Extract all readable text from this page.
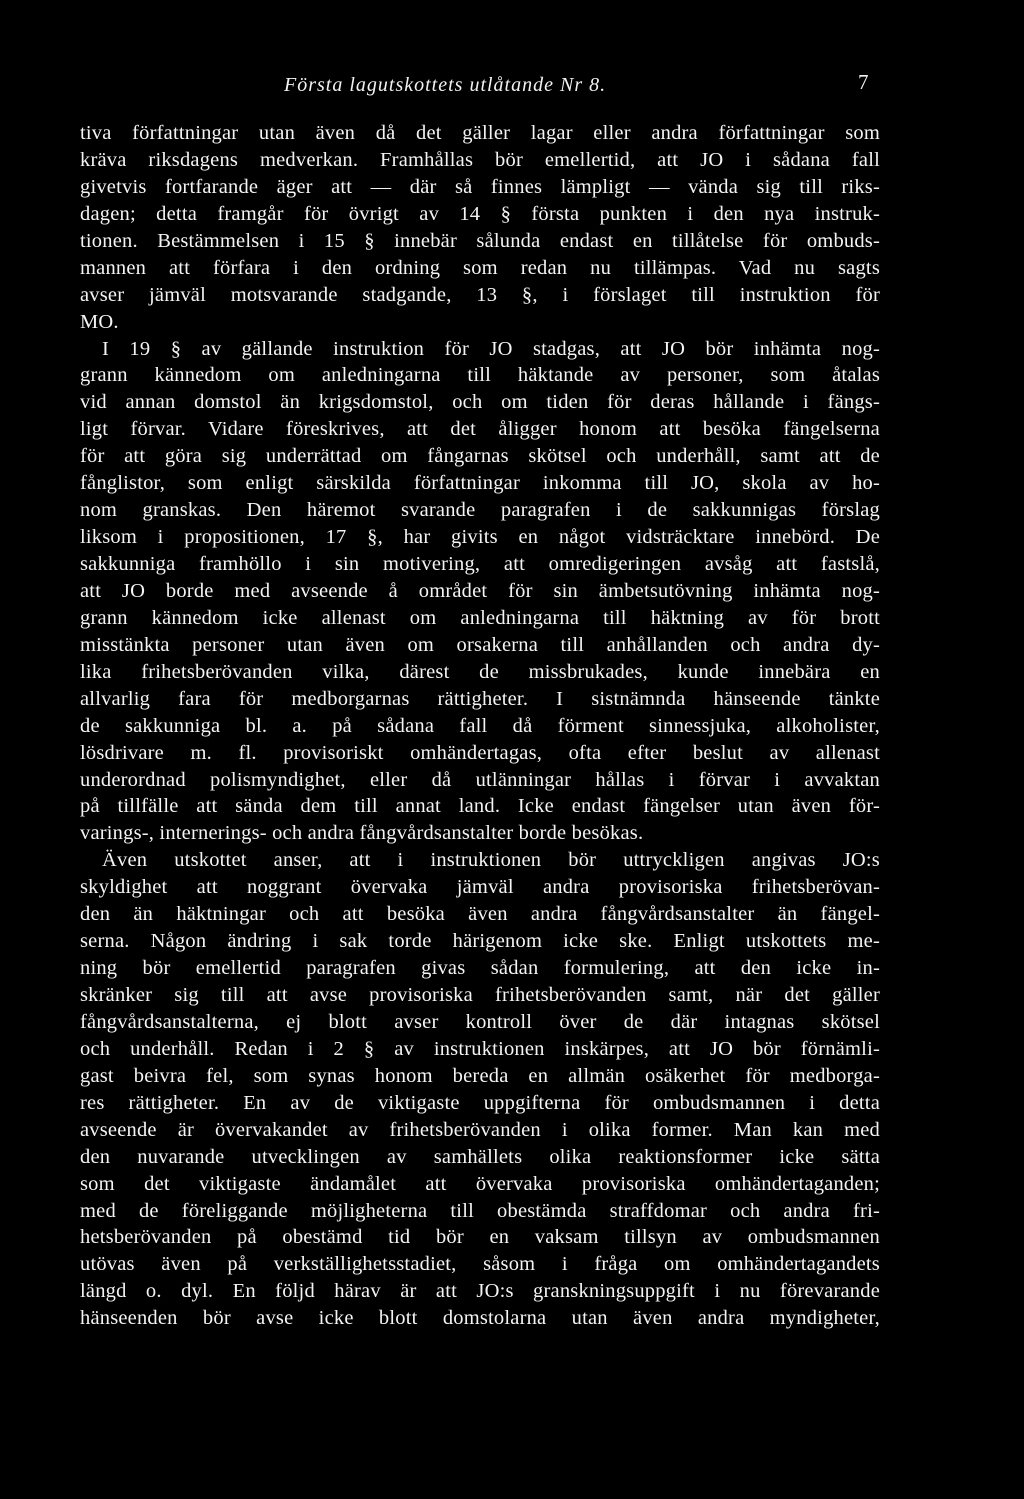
Första lagutskottets utlåtande Nr 8.	7
tiva författningar utan även då det gäller lagar eller andra författningar som
kräva riksdagens medverkan. Framhållas bör emellertid, att JO i sådana fall
givetvis fortfarande äger att — där så finnes lämpligt — vända sig till riks-
dagen; detta framgår för övrigt av 14 § första punkten i den nya instruk-
tionen. Bestämmelsen i 15 § innebär sålunda endast en tillåtelse för ombuds-
mannen att förfara i den ordning som redan nu tillämpas. Vad nu sagts
avser jämväl motsvarande stadgande, 13 §, i förslaget till instruktion för
MO.
I 19 § av gällande instruktion för JO stadgas, att JO bör inhämta nog-
grann kännedom om anledningarna till häktande av personer, som åtalas
vid annan domstol än krigsdomstol, och om tiden för deras hållande i fängs-
ligt förvar. Vidare föreskrives, att det åligger honom att besöka fängelserna
för att göra sig underrättad om fångarnas skötsel och underhåll, samt att de
fånglistor, som enligt särskilda författningar inkomma till JO, skola av ho-
nom granskas. Den häremot svarande paragrafen i de sakkunnigas förslag
liksom i propositionen, 17 §, har givits en något vidsträcktare innebörd. De
sakkunniga framhöllo i sin motivering, att omredigeringen avsåg att fastslå,
att JO borde med avseende å området för sin ämbetsutövning inhämta nog-
grann kännedom icke allenast om anledningarna till häktning av för brott
misstänkta personer utan även om orsakerna till anhållanden och andra dy-
lika frihetsberövanden vilka, därest de missbrukades, kunde innebära en
allvarlig fara för medborgarnas rättigheter. I sistnämnda hänseende tänkte
de sakkunniga bl. a. på sådana fall då förment sinnessjuka, alkoholister,
lösdrivare m. fl. provisoriskt omhändertagas, ofta efter beslut av allenast
underordnad polismyndighet, eller då utlänningar hållas i förvar i avvaktan
på tillfälle att sända dem till annat land. Icke endast fängelser utan även för-
varings-, internerings- och andra fångvårdsanstalter borde besökas.
Även utskottet anser, att i instruktionen bör uttryckligen angivas JO:s
skyldighet att noggrant övervaka jämväl andra provisoriska frihetsberövan-
den än häktningar och att besöka även andra fångvårdsanstalter än fängel-
serna. Någon ändring i sak torde härigenom icke ske. Enligt utskottets me-
ning bör emellertid paragrafen givas sådan formulering, att den icke in-
skränker sig till att avse provisoriska frihetsberövanden samt, när det gäller
fångvårdsanstalterna, ej blott avser kontroll över de där intagnas skötsel
och underhåll. Redan i 2 § av instruktionen inskärpes, att JO bör förnämli-
gast beivra fel, som synas honom bereda en allmän osäkerhet för medborga-
res rättigheter. En av de viktigaste uppgifterna för ombudsmannen i detta
avseende är övervakandet av frihetsberövanden i olika former. Man kan med
den nuvarande utvecklingen av samhällets olika reaktionsformer icke sätta
som det viktigaste ändamålet att övervaka provisoriska omhändertaganden;
med de föreliggande möjligheterna till obestämda straffdomar och andra fri-
hetsberövanden på obestämd tid bör en vaksam tillsyn av ombudsmannen
utövas även på verkställighetsstadiet, såsom i fråga om omhändertagandets
längd o. dyl. En följd härav är att JO:s granskningsuppgift i nu förevarande
hänseenden bör avse icke blott domstolarna utan även andra myndigheter,
